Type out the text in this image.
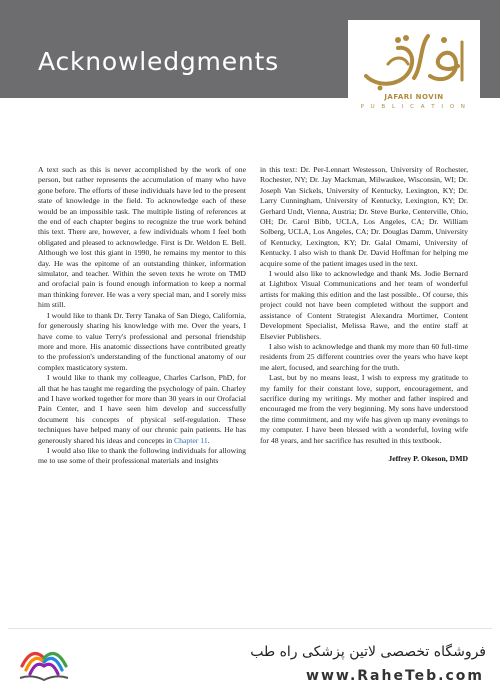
Acknowledgments
JAFARI NOVIN
P U B L I C A T I O N

A text such as this is never accomplished by the work of one person, but rather represents the accumulation of many who have gone before. The efforts of these individuals have led to the present state of knowledge in the field. To acknowledge each of these would be an impossible task. The multiple listing of references at the end of each chapter begins to recognize the true work behind this text. There are, however, a few individuals whom I feel both obligated and pleased to acknowledge. First is Dr. Weldon E. Bell. Although we lost this giant in 1990, he remains my mentor to this day. He was the epitome of an outstanding thinker, information simulator, and teacher. Within the seven texts he wrote on TMD and orofacial pain is found enough information to keep a normal man thinking forever. He was a very special man, and I sorely miss him still.

I would like to thank Dr. Terry Tanaka of San Diego, California, for generously sharing his knowledge with me. Over the years, I have come to value Terry's professional and personal friendship more and more. His anatomic dissections have contributed greatly to the profession's understanding of the functional anatomy of our complex masticatory system.

I would like to thank my colleague, Charles Carlson, PhD, for all that he has taught me regarding the psychology of pain. Charley and I have worked together for more than 30 years in our Orofacial Pain Center, and I have seen him develop and successfully document his concepts of physical self-regulation. These techniques have helped many of our chronic pain patients. He has generously shared his ideas and concepts in Chapter 11.

I would also like to thank the following individuals for allowing me to use some of their professional materials and insights

in this text: Dr. Per-Lennart Westesson, University of Rochester, Rochester, NY; Dr. Jay Mackman, Milwaukee, Wisconsin, WI; Dr. Joseph Van Sickels, University of Kentucky, Lexington, KY; Dr. Larry Cunningham, University of Kentucky, Lexington, KY; Dr. Gerhard Undt, Vienna, Austria; Dr. Steve Burke, Centerville, Ohio, OH; Dr. Carol Bibb, UCLA, Los Angeles, CA; Dr. William Solberg, UCLA, Los Angeles, CA; Dr. Douglas Damm, University of Kentucky, Lexington, KY; Dr. Galal Omami, University of Kentucky. I also wish to thank Dr. David Hoffman for helping me acquire some of the patient images used in the text.

I would also like to acknowledge and thank Ms. Jodie Bernard at Lightbox Visual Communications and her team of wonderful artists for making this edition and the last possible.. Of course, this project could not have been completed without the support and assistance of Content Strategist Alexandra Mortimer, Content Development Specialist, Melissa Rawe, and the entire staff at Elsevier Publishers.

I also wish to acknowledge and thank my more than 60 full-time residents from 25 different countries over the years who have kept me alert, focused, and searching for the truth.

Last, but by no means least, I wish to express my gratitude to my family for their constant love, support, encouragement, and sacrifice during my writings. My mother and father inspired and encouraged me from the very beginning. My sons have understood the time commitment, and my wife has given up many evenings to my computer. I have been blessed with a wonderful, loving wife for 48 years, and her sacrifice has resulted in this textbook.

Jeffrey P. Okeson, DMD
فروشگاه تخصصی لاتین پزشکی راه طب
www.RaheTeb.com
